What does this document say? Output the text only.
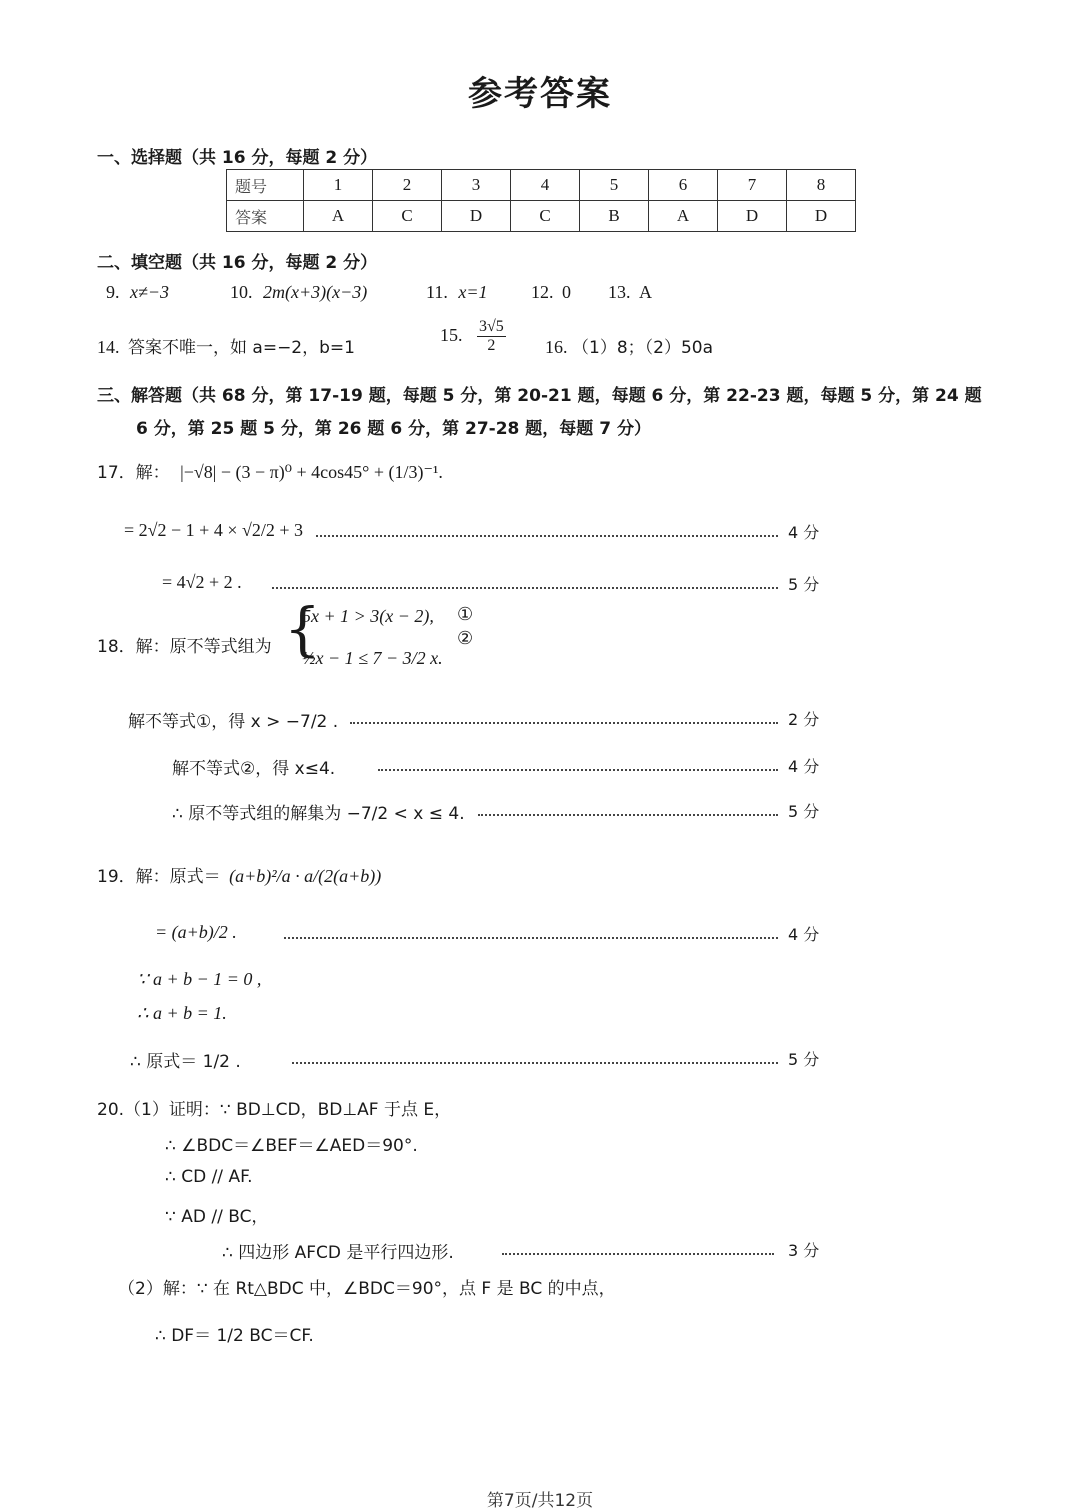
参考答案
一、选择题（共 16 分，每题 2 分）
题号	1	2	3	4	5	6	7	8
答案	A	C	D	C	B	A	D	D
二、填空题（共 16 分，每题 2 分）
9. x≠−3	10. 2m(x+3)(x−3)	11. x=1 12. 0 13. A
14. 答案不唯一，如 a=−2，b=1
15. $\frac{3√5}{2} 16$. （1）8；（2）50a
三、解答题（共 68 分，第 17-19 题，每题 5 分，第 20-21 题，每题 6 分，第 22-23 题，每题 5 分，第 24 题
6 分，第 25 题 5 分，第 26 题 6 分，第 27-28 题，每题 7 分）
17．解： |−√8| − (3 − π)⁰ + 4cos45° + (1/3)⁻¹.
= 2√2 − 1 + 4 × √2/2 + 3	4 分
= 4√2 + 2 .	5 分
18．解：原不等式组为 {
5x + 1 > 3(x − 2), ①
½x − 1 ≤ 7 − 3/2 x.
②
解不等式①，得 x > −7/2 .	2 分
解不等式②，得 x≤4.	4 分
∴ 原不等式组的解集为 −7/2 < x ≤ 4.	5 分
19．解：原式＝ (a+b)²/a · a/(2(a+b))
= (a+b)/2 .	4 分
∵ a + b − 1 = 0 ,
∴ a + b = 1.
∴ 原式＝ 1/2 .	5 分
20.（1）证明：∵ BD⊥CD，BD⊥AF 于点 E，
∴ ∠BDC＝∠BEF＝∠AED＝90°.
∴ CD // AF.
∵ AD // BC，
∴ 四边形 AFCD 是平行四边形.	3 分
（2）解：∵ 在 Rt△BDC 中，∠BDC＝90°，点 F 是 BC 的中点，
∴ DF＝ 1/2 BC＝CF.
第7页/共12页
